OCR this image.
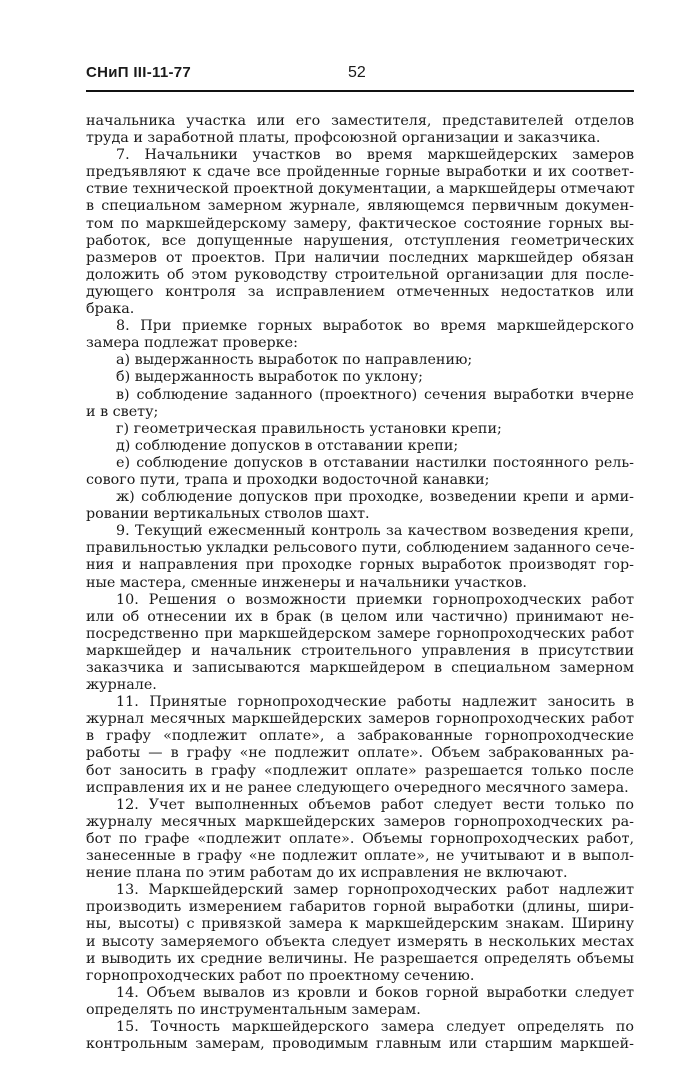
СНиП III-11-77	52
начальника участка или его заместителя, представителей отделов
труда и заработной платы, профсоюзной организации и заказчика.
7. Начальники участков во время маркшейдерских замеров
предъявляют к сдаче все пройденные горные выработки и их соответ-
ствие технической проектной документации, а маркшейдеры отмечают
в специальном замерном журнале, являющемся первичным докумен-
том по маркшейдерскому замеру, фактическое состояние горных вы-
работок, все допущенные нарушения, отступления геометрических
размеров от проектов. При наличии последних маркшейдер обязан
доложить об этом руководству строительной организации для после-
дующего контроля за исправлением отмеченных недостатков или
брака.
8. При приемке горных выработок во время маркшейдерского
замера подлежат проверке:
а) выдержанность выработок по направлению;
б) выдержанность выработок по уклону;
в) соблюдение заданного (проектного) сечения выработки вчерне
и в свету;
г) геометрическая правильность установки крепи;
д) соблюдение допусков в отставании крепи;
е) соблюдение допусков в отставании настилки постоянного рель-
сового пути, трапа и проходки водосточной канавки;
ж) соблюдение допусков при проходке, возведении крепи и арми-
ровании вертикальных стволов шахт.
9. Текущий ежесменный контроль за качеством возведения крепи,
правильностью укладки рельсового пути, соблюдением заданного сече-
ния и направления при проходке горных выработок производят гор-
ные мастера, сменные инженеры и начальники участков.
10. Решения о возможности приемки горнопроходческих работ
или об отнесении их в брак (в целом или частично) принимают не-
посредственно при маркшейдерском замере горнопроходческих работ
маркшейдер и начальник строительного управления в присутствии
заказчика и записываются маркшейдером в специальном замерном
журнале.
11. Принятые горнопроходческие работы надлежит заносить в
журнал месячных маркшейдерских замеров горнопроходческих работ
в графу «подлежит оплате», а забракованные горнопроходческие
работы — в графу «не подлежит оплате». Объем забракованных ра-
бот заносить в графу «подлежит оплате» разрешается только после
исправления их и не ранее следующего очередного месячного замера.
12. Учет выполненных объемов работ следует вести только по
журналу месячных маркшейдерских замеров горнопроходческих ра-
бот по графе «подлежит оплате». Объемы горнопроходческих работ,
занесенные в графу «не подлежит оплате», не учитывают и в выпол-
нение плана по этим работам до их исправления не включают.
13. Маркшейдерский замер горнопроходческих работ надлежит
производить измерением габаритов горной выработки (длины, шири-
ны, высоты) с привязкой замера к маркшейдерским знакам. Ширину
и высоту замеряемого объекта следует измерять в нескольких местах
и выводить их средние величины. Не разрешается определять объемы
горнопроходческих работ по проектному сечению.
14. Объем вывалов из кровли и боков горной выработки следует
определять по инструментальным замерам.
15. Точность маркшейдерского замера следует определять по
контрольным замерам, проводимым главным или старшим маркшей-
